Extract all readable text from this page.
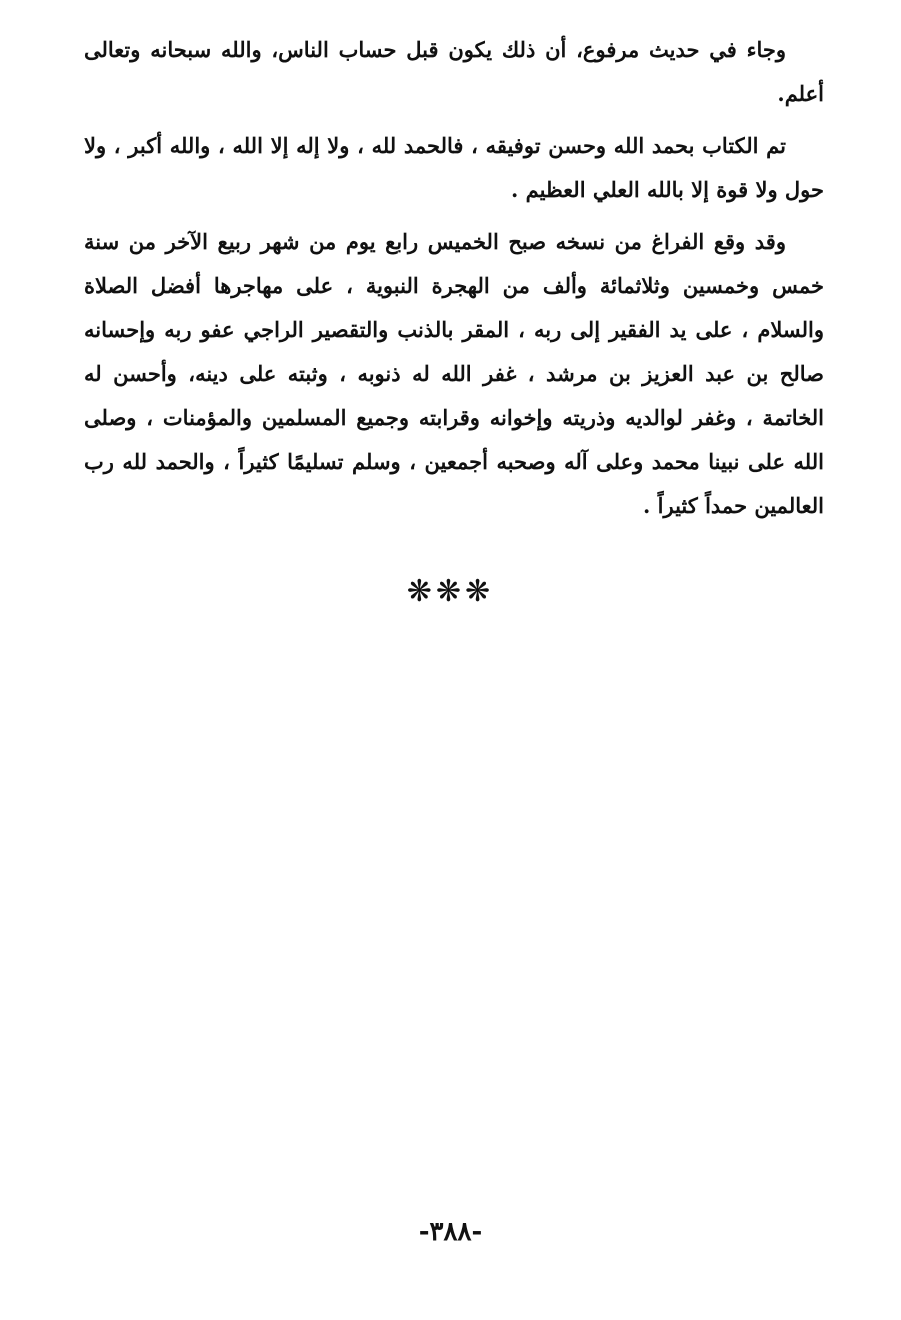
وجاء في حديث مرفوع، أن ذلك يكون قبل حساب الناس، والله سبحانه وتعالى أعلم.

تم الكتاب بحمد الله وحسن توفيقه ، فالحمد لله ، ولا إله إلا الله ، والله أكبر ، ولا حول ولا قوة إلا بالله العلي العظيم .

وقد وقع الفراغ من نسخه صبح الخميس رابع يوم من شهر ربيع الآخر من سنة خمس وخمسين وثلاثمائة وألف من الهجرة النبوية ، على مهاجرها أفضل الصلاة والسلام ، على يد الفقير إلى ربه ، المقر بالذنب والتقصير الراجي عفو ربه وإحسانه صالح بن عبد العزيز بن مرشد ، غفر الله له ذنوبه ، وثبته على دينه، وأحسن له الخاتمة ، وغفر لوالديه وذريته وإخوانه وقرابته وجميع المسلمين والمؤمنات ، وصلى الله على نبينا محمد وعلى آله وصحبه أجمعين ، وسلم تسليمًا كثيراً ، والحمد لله رب العالمين حمداً كثيراً .

❋❋❋
-٣٨٨-
